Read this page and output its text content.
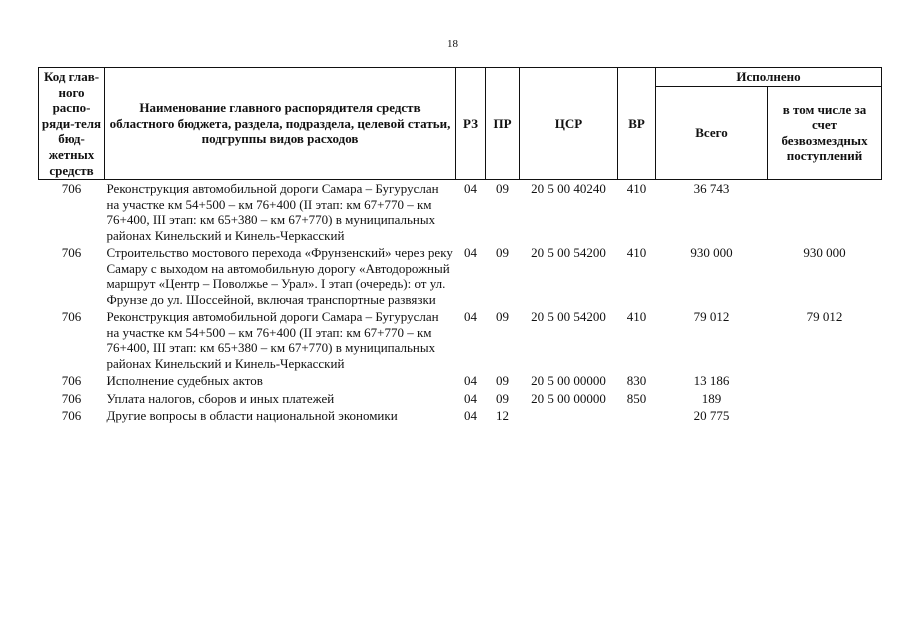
18
Код глав-ного распо-ряди-теля бюд-жетных средств	Наименование главного распорядителя средств областного бюджета, раздела, подраздела, целевой статьи, подгруппы видов расходов	РЗ	ПР	ЦСР	ВР	Исполнено	
						Всего	в том числе за счет безвозмездных поступлений
706	Реконструкция автомобильной дороги Самара – Бугуруслан на участке км 54+500 – км 76+400 (II этап: км 67+770 – км 76+400, III этап: км 65+380 – км 67+770) в муниципальных районах Кинельский и Кинель-Черкасский	04	09	20 5 00 40240	410	36 743	
706	Строительство мостового перехода «Фрунзенский» через реку Самару с выходом на автомобильную дорогу «Автодорожный маршрут «Центр – Поволжье – Урал». I этап (очередь): от ул. Фрунзе до ул. Шоссейной, включая транспортные развязки	04	09	20 5 00 54200	410	930 000	930 000
706	Реконструкция автомобильной дороги Самара – Бугуруслан на участке км 54+500 – км 76+400 (II этап: км 67+770 – км 76+400, III этап: км 65+380 – км 67+770) в муниципальных районах Кинельский и Кинель-Черкасский	04	09	20 5 00 54200	410	79 012	79 012
706	Исполнение судебных актов	04	09	20 5 00 00000	830	13 186	
706	Уплата налогов, сборов и иных платежей	04	09	20 5 00 00000	850	189	
706	Другие вопросы в области национальной экономики	04	12			20 775	
